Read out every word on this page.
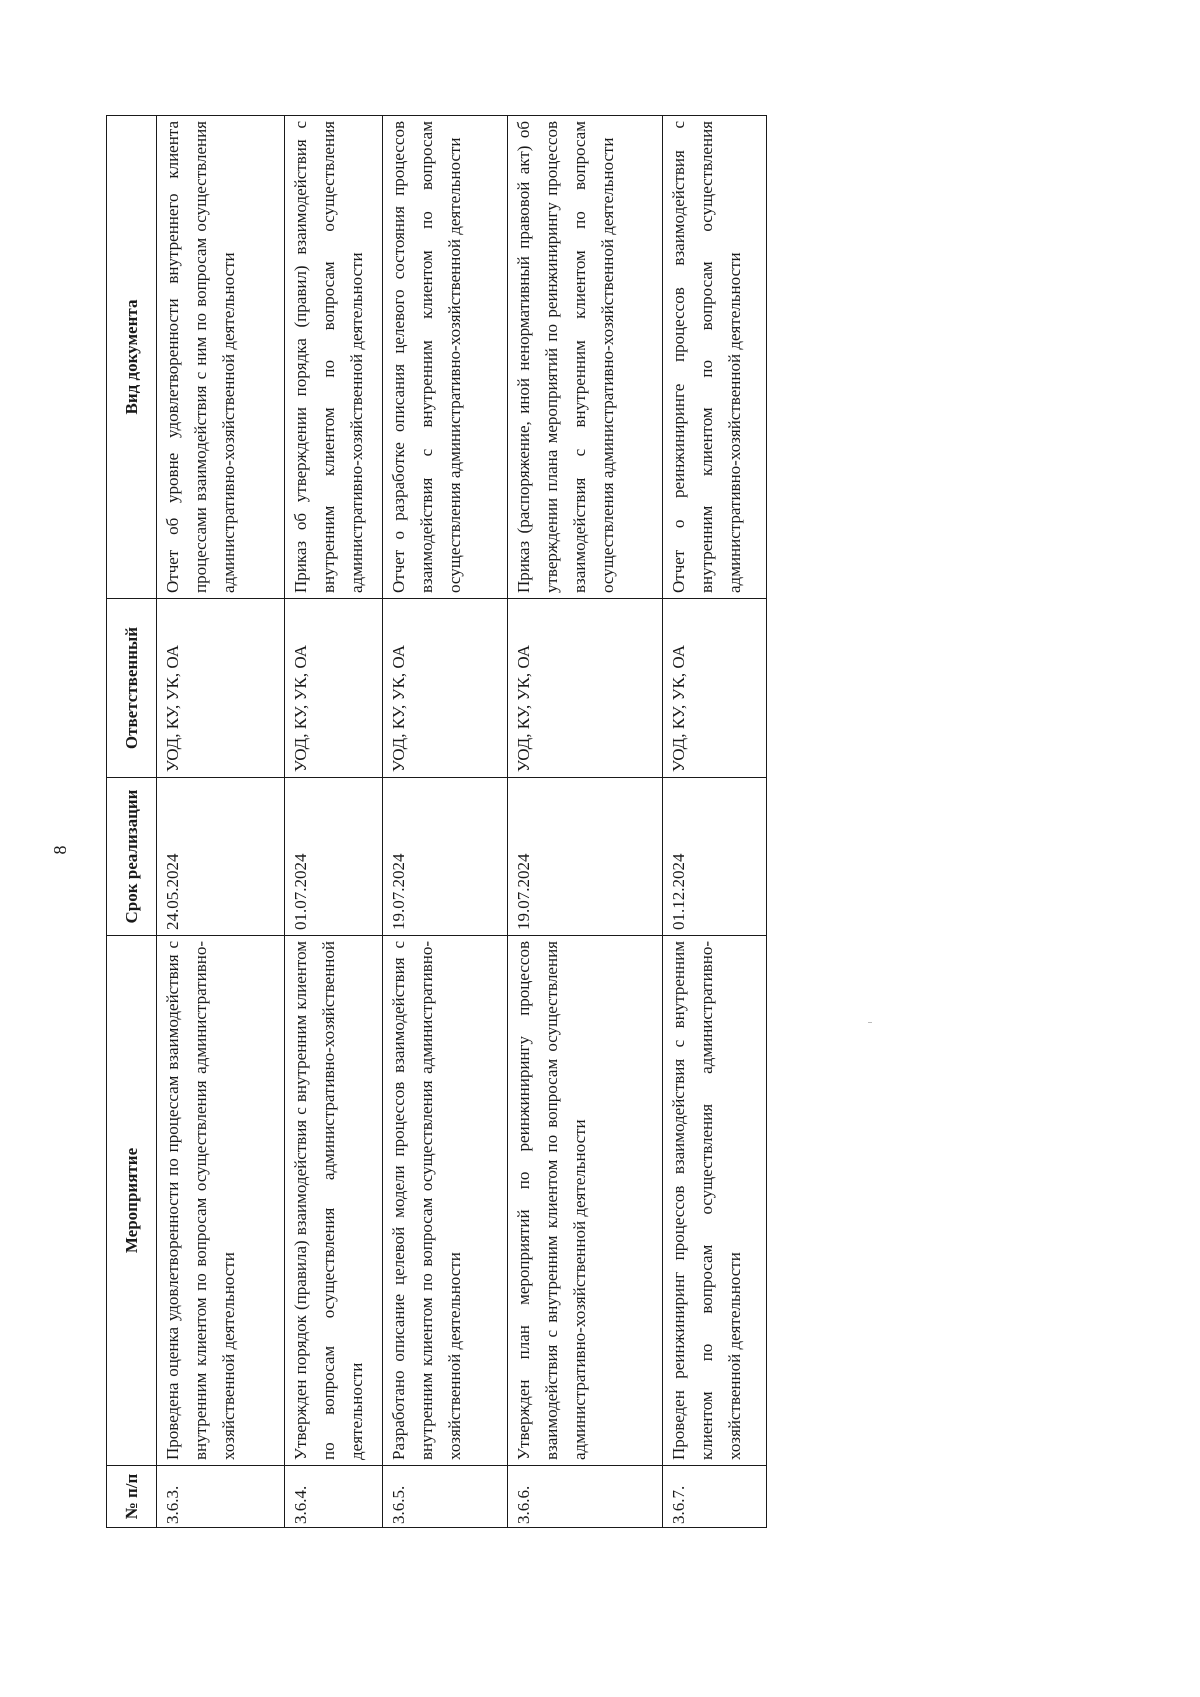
8
№ п/п	Мероприятие	Срок реализации	Ответственный	Вид документа
3.6.3.	Проведена оценка удовлетворенности по процессам взаимодействия с внутренним клиентом по вопросам осуществления административно-хозяйственной деятельности	24.05.2024	УОД, КУ, УК, ОА	Отчет об уровне удовлетворенности внутреннего клиента процессами взаимодействия с ним по вопросам осуществления административно-хозяйственной деятельности
3.6.4.	Утвержден порядок (правила) взаимодействия с внутренним клиентом по вопросам осуществления административно-хозяйственной деятельности	01.07.2024	УОД, КУ, УК, ОА	Приказ об утверждении порядка (правил) взаимодействия с внутренним клиентом по вопросам осуществления административно-хозяйственной деятельности
3.6.5.	Разработано описание целевой модели процессов взаимодействия с внутренним клиентом по вопросам осуществления административно-хозяйственной деятельности	19.07.2024	УОД, КУ, УК, ОА	Отчет о разработке описания целевого состояния процессов взаимодействия с внутренним клиентом по вопросам осуществления административно-хозяйственной деятельности
3.6.6.	Утвержден план мероприятий по реинжинирингу процессов взаимодействия с внутренним клиентом по вопросам осуществления административно-хозяйственной деятельности	19.07.2024	УОД, КУ, УК, ОА	Приказ (распоряжение, иной ненормативный правовой акт) об утверждении плана мероприятий по реинжинирингу процессов взаимодействия с внутренним клиентом по вопросам осуществления административно-хозяйственной деятельности
3.6.7.	Проведен реинжиниринг процессов взаимодействия с внутренним клиентом по вопросам осуществления административно-хозяйственной деятельности	01.12.2024	УОД, КУ, УК, ОА	Отчет о реинжиниринге процессов взаимодействия с внутренним клиентом по вопросам осуществления административно-хозяйственной деятельности
